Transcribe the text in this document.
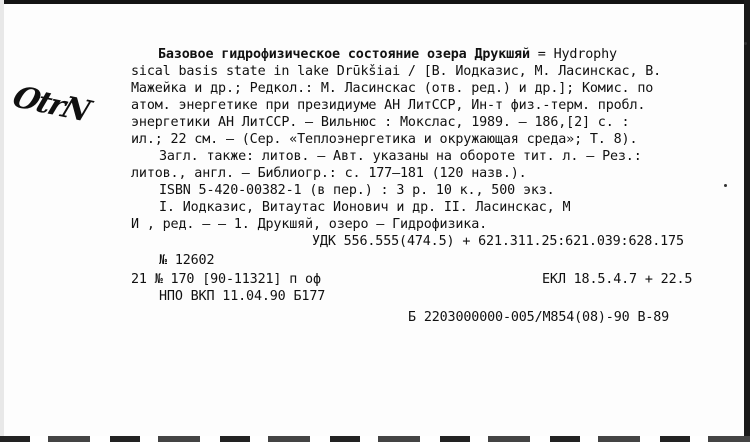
OtrN
Базовое гидрофизическое состояние озера Друкшяй = Hydrophy
sical basis state in lake Drūkšiai / [В. Иодказис, М. Ласинскас, В.
Мажейка и др.; Редкол.: М. Ласинскас (отв. ред.) и др.]; Комис. по
атом. энергетике при президиуме АН ЛитССР, Ин-т физ.-терм. пробл.
энергетики АН ЛитССР. — Вильнюс : Мокслас, 1989. — 186,[2] с. :
ил.; 22 см. — (Сер. «Теплоэнергетика и окружающая среда»; Т. 8).
Загл. также: литов. — Авт. указаны на обороте тит. л. — Рез.:
литов., англ. — Библиогр.: с. 177—181 (120 назв.).
ISBN 5-420-00382-1 (в пер.) : 3 р. 10 к., 500 экз.
I. Иодказис, Витаутас Ионович и др. II. Ласинскас, М
И , ред. — — 1. Друкшяй, озеро — Гидрофизика.
УДК 556.555(474.5) + 621.311.25:621.039:628.175
№ 12602
21 № 170 [90-11321] п оф	ЕКЛ 18.5.4.7 + 22.5
НПО ВКП 11.04.90 Б177
Б 2203000000-005/М854(08)-90 В-89
